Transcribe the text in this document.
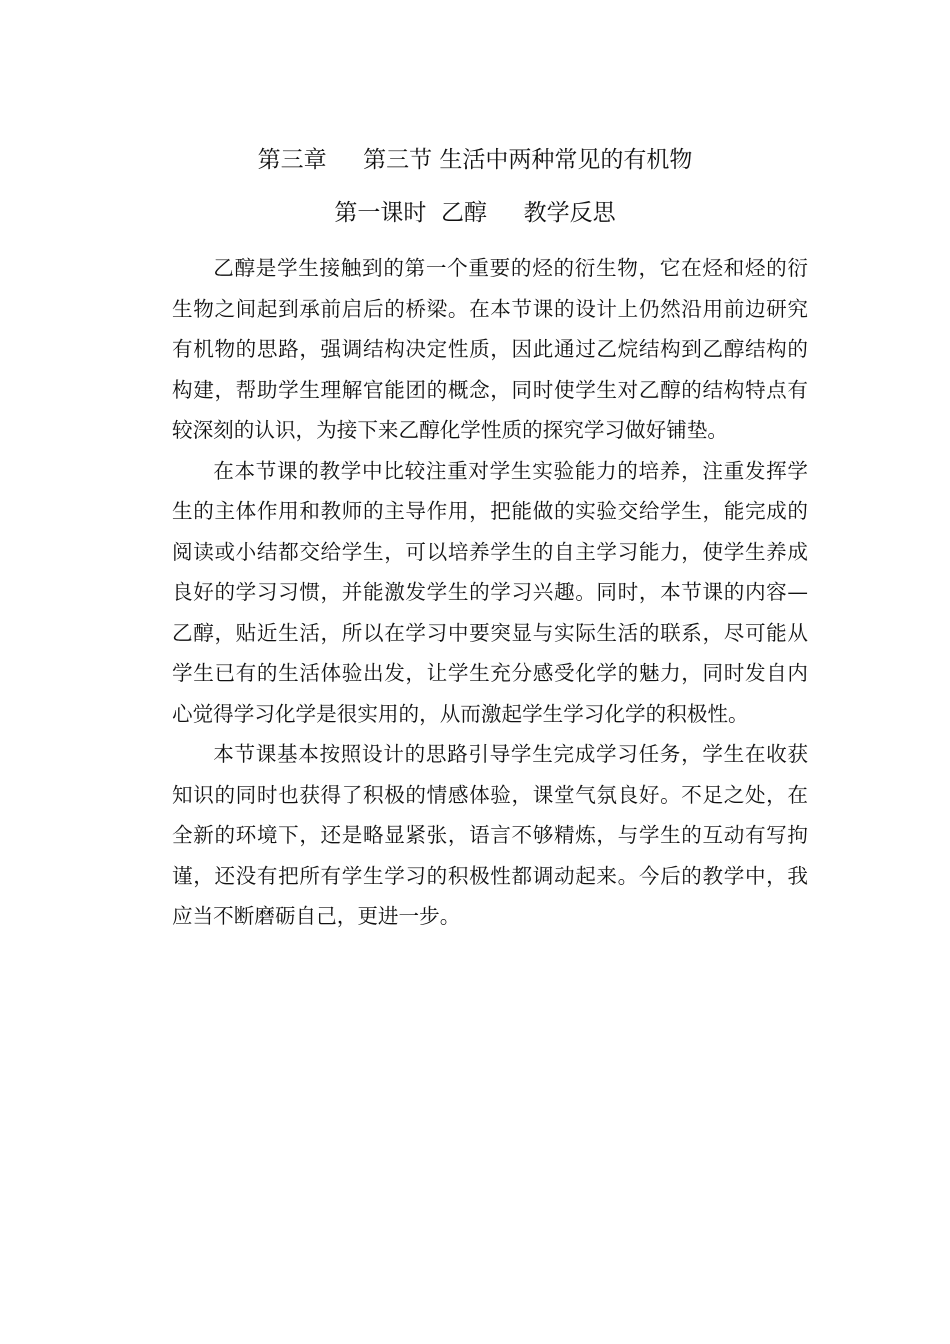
第三章     第三节 生活中两种常见的有机物
第一课时  乙醇     教学反思

乙醇是学生接触到的第一个重要的烃的衍生物，它在烃和烃的衍生物之间起到承前启后的桥梁。在本节课的设计上仍然沿用前边研究有机物的思路，强调结构决定性质，因此通过乙烷结构到乙醇结构的构建，帮助学生理解官能团的概念，同时使学生对乙醇的结构特点有较深刻的认识，为接下来乙醇化学性质的探究学习做好铺垫。

在本节课的教学中比较注重对学生实验能力的培养，注重发挥学生的主体作用和教师的主导作用，把能做的实验交给学生，能完成的阅读或小结都交给学生，可以培养学生的自主学习能力，使学生养成良好的学习习惯，并能激发学生的学习兴趣。同时，本节课的内容—乙醇，贴近生活，所以在学习中要突显与实际生活的联系，尽可能从学生已有的生活体验出发，让学生充分感受化学的魅力，同时发自内心觉得学习化学是很实用的，从而激起学生学习化学的积极性。

本节课基本按照设计的思路引导学生完成学习任务，学生在收获知识的同时也获得了积极的情感体验，课堂气氛良好。不足之处，在全新的环境下，还是略显紧张，语言不够精炼，与学生的互动有写拘谨，还没有把所有学生学习的积极性都调动起来。今后的教学中，我应当不断磨砺自己，更进一步。
